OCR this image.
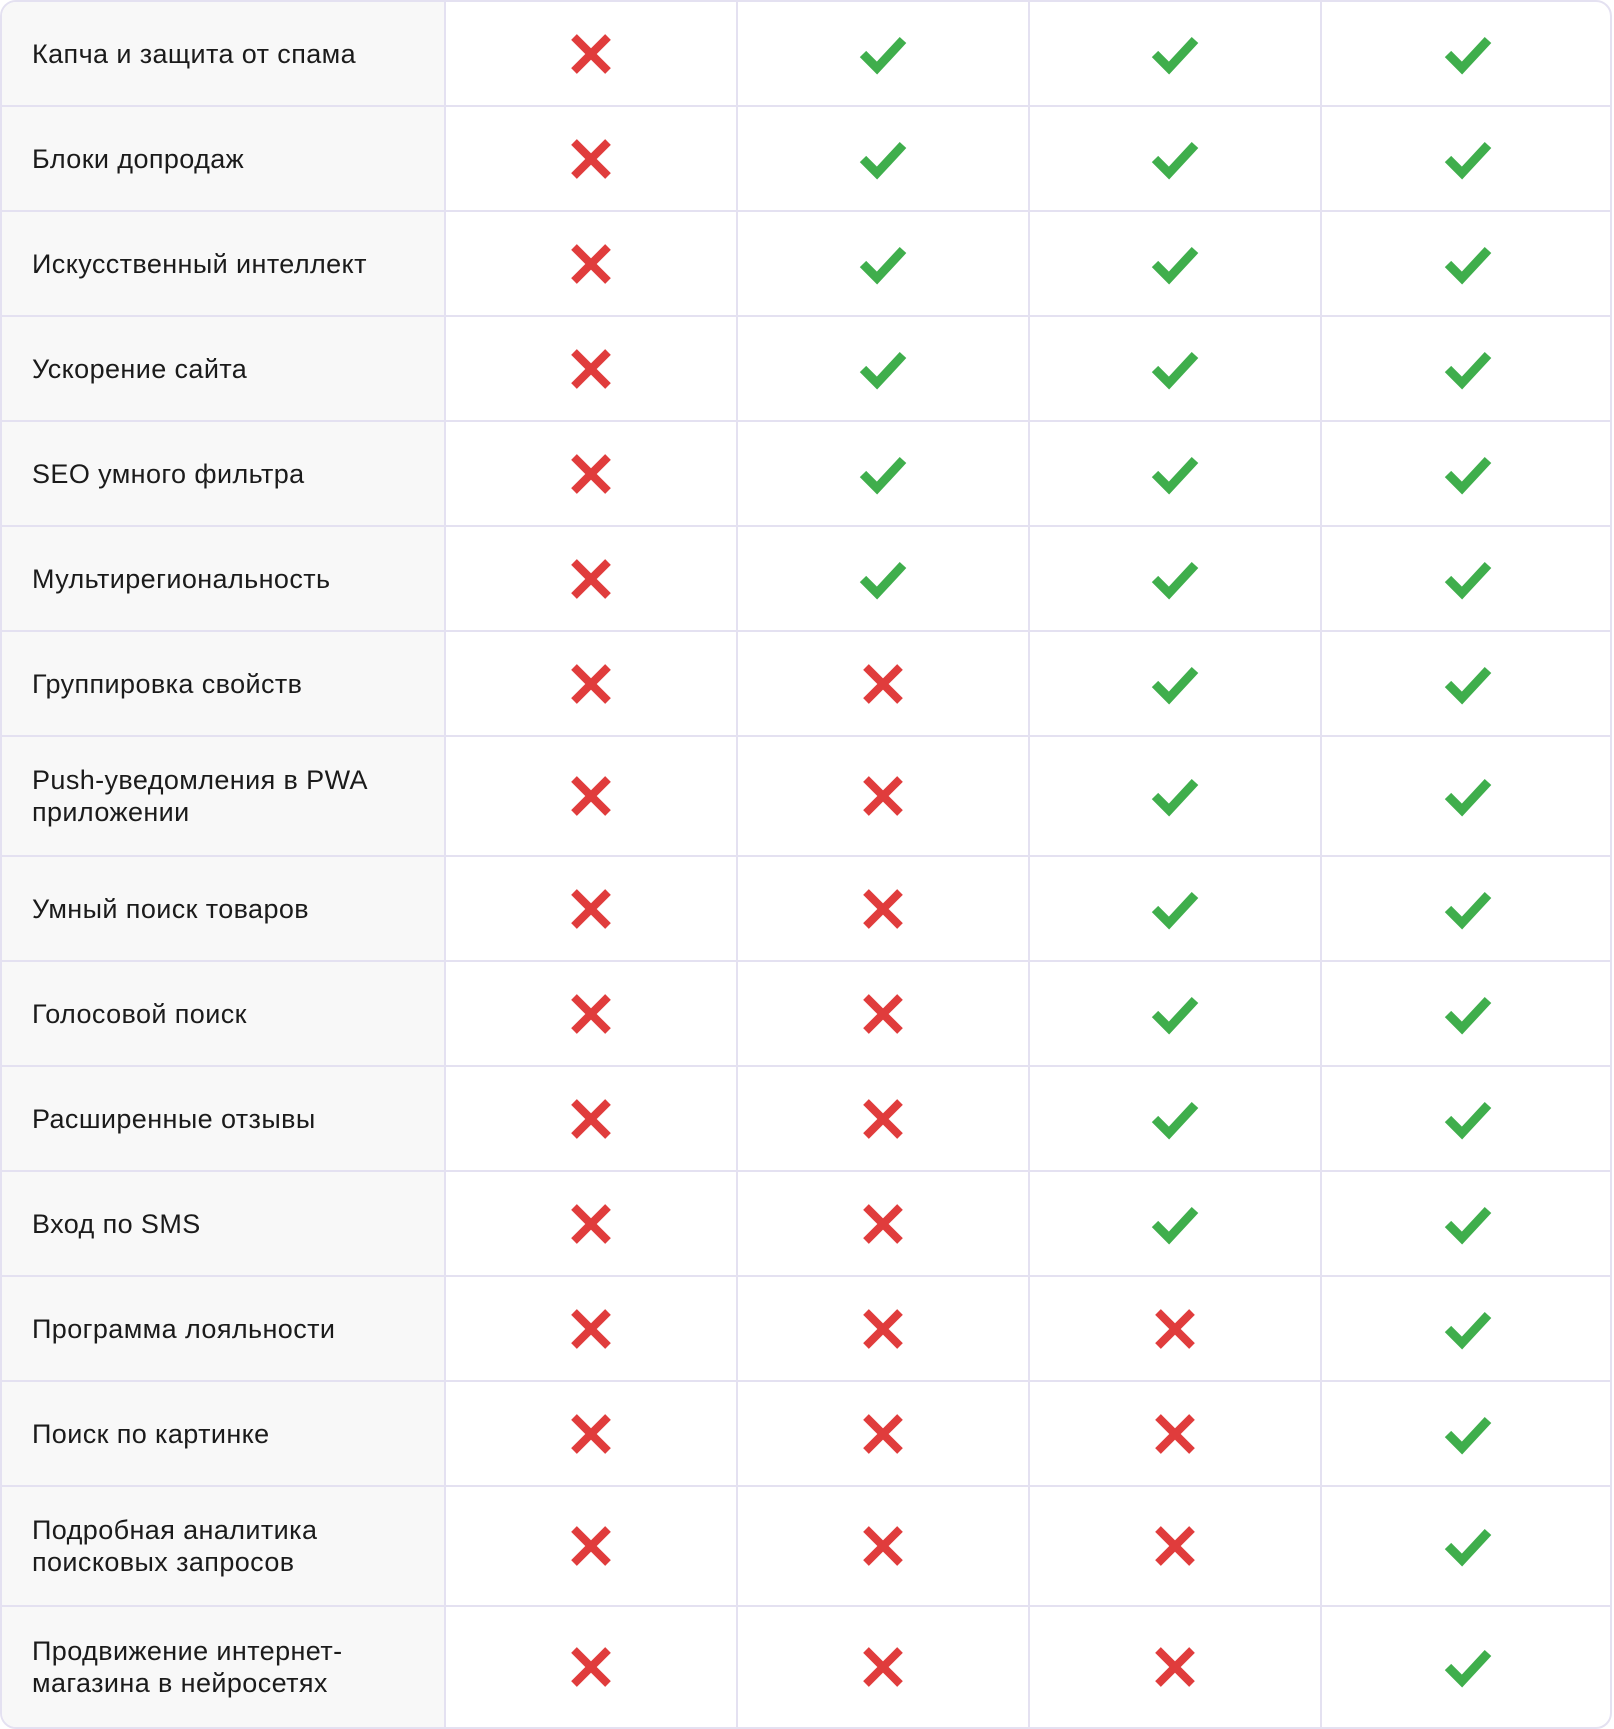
Капча и защита от спама
Блоки допродаж
Искусственный интеллект
Ускорение сайта
SEO умного фильтра
Мультирегиональность
Группировка свойств
Push-уведомления в PWA приложении
Умный поиск товаров
Голосовой поиск
Расширенные отзывы
Вход по SMS
Программа лояльности
Поиск по картинке
Подробная аналитика поисковых запросов
Продвижение интернет-магазина в нейросетях
